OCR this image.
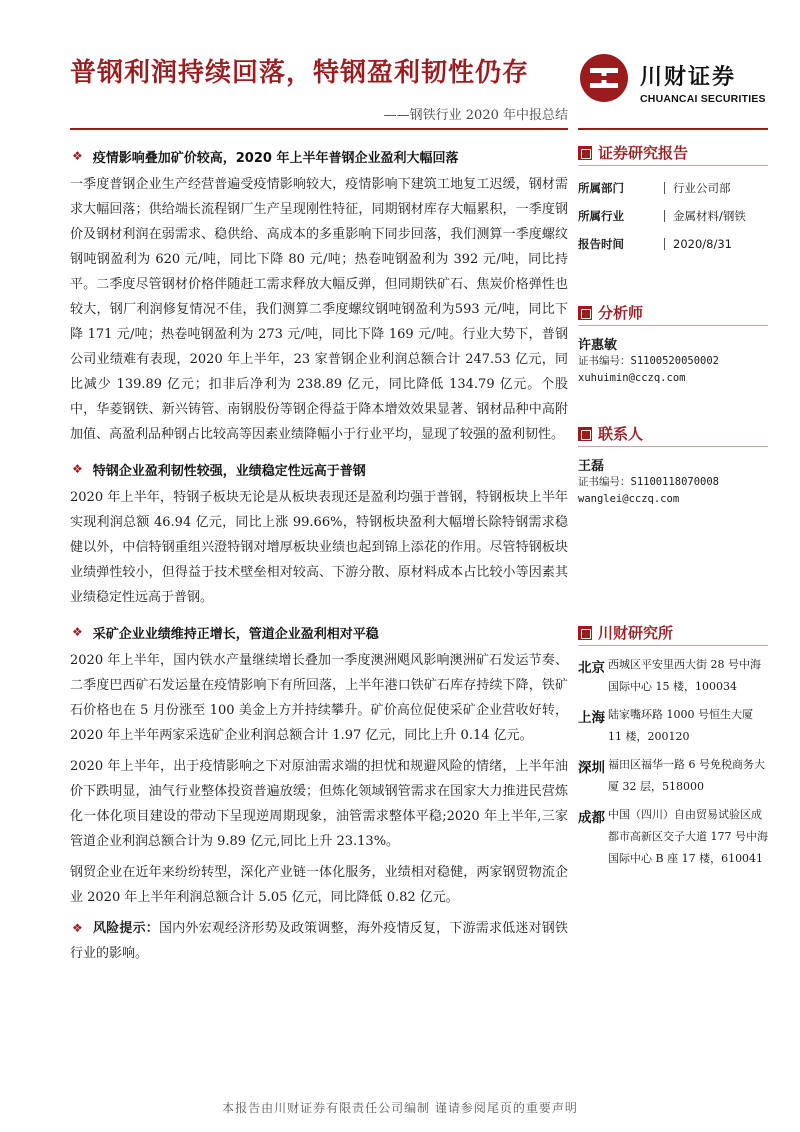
普钢利润持续回落，特钢盈利韧性仍存
——钢铁行业 2020 年中报总结
川财证券
CHUANCAI SECURITIES
❖ 疫情影响叠加矿价较高，2020 年上半年普钢企业盈利大幅回落

一季度普钢企业生产经营普遍受疫情影响较大，疫情影响下建筑工地复工迟缓，钢材需求大幅回落；供给端长流程钢厂生产呈现刚性特征，同期钢材库存大幅累积，一季度钢价及钢材利润在弱需求、稳供给、高成本的多重影响下同步回落，我们测算一季度螺纹钢吨钢盈利为 620 元/吨，同比下降 80 元/吨；热卷吨钢盈利为 392 元/吨，同比持平。二季度尽管钢材价格伴随赶工需求释放大幅反弹，但同期铁矿石、焦炭价格弹性也较大，钢厂利润修复情况不佳，我们测算二季度螺纹钢吨钢盈利为593 元/吨，同比下降 171 元/吨；热卷吨钢盈利为 273 元/吨，同比下降 169 元/吨。行业大势下，普钢公司业绩难有表现，2020 年上半年，23 家普钢企业利润总额合计 247.53 亿元，同比减少 139.89 亿元；扣非后净利为 238.89 亿元，同比降低 134.79 亿元。个股中，华菱钢铁、新兴铸管、南钢股份等钢企得益于降本增效效果显著、钢材品种中高附加值、高盈利品种钢占比较高等因素业绩降幅小于行业平均，显现了较强的盈利韧性。

❖ 特钢企业盈利韧性较强，业绩稳定性远高于普钢

2020 年上半年，特钢子板块无论是从板块表现还是盈利均强于普钢，特钢板块上半年实现利润总额 46.94 亿元，同比上涨 99.66%，特钢板块盈利大幅增长除特钢需求稳健以外，中信特钢重组兴澄特钢对增厚板块业绩也起到锦上添花的作用。尽管特钢板块业绩弹性较小，但得益于技术壁垒相对较高、下游分散、原材料成本占比较小等因素其业绩稳定性远高于普钢。

❖ 采矿企业业绩维持正增长，管道企业盈利相对平稳

2020 年上半年，国内铁水产量继续增长叠加一季度澳洲飓风影响澳洲矿石发运节奏、二季度巴西矿石发运量在疫情影响下有所回落，上半年港口铁矿石库存持续下降，铁矿石价格也在 5 月份涨至 100 美金上方并持续攀升。矿价高位促使采矿企业营收好转，2020 年上半年两家采选矿企业利润总额合计 1.97 亿元，同比上升 0.14 亿元。

2020 年上半年，出于疫情影响之下对原油需求端的担忧和规避风险的情绪，上半年油价下跌明显，油气行业整体投资普遍放缓；但炼化领域钢管需求在国家大力推进民营炼化一体化项目建设的带动下呈现逆周期现象，油管需求整体平稳;2020 年上半年,三家管道企业利润总额合计为 9.89 亿元,同比上升 23.13%。

钢贸企业在近年来纷纷转型，深化产业链一体化服务，业绩相对稳健，两家钢贸物流企业 2020 年上半年利润总额合计 5.05 亿元，同比降低 0.82 亿元。

❖ 风险提示：国内外宏观经济形势及政策调整，海外疫情反复，下游需求低迷对钢铁行业的影响。

证券研究报告
所属部门	行业公司部
所属行业	金属材料/钢铁
报告时间	2020/8/31
分析师
许惠敏
证书编号：S1100520050002
xuhuimin@cczq.com
联系人
王磊
证书编号：S1100118070008
wanglei@cczq.com
川财研究所
北京 西城区平安里西大街 28 号中海国际中心 15 楼，100034
上海 陆家嘴环路 1000 号恒生大厦 11 楼，200120
深圳 福田区福华一路 6 号免税商务大厦 32 层，518000
成都 中国（四川）自由贸易试验区成都市高新区交子大道 177 号中海国际中心 B 座 17 楼，610041
本报告由川财证券有限责任公司编制 谨请参阅尾页的重要声明
